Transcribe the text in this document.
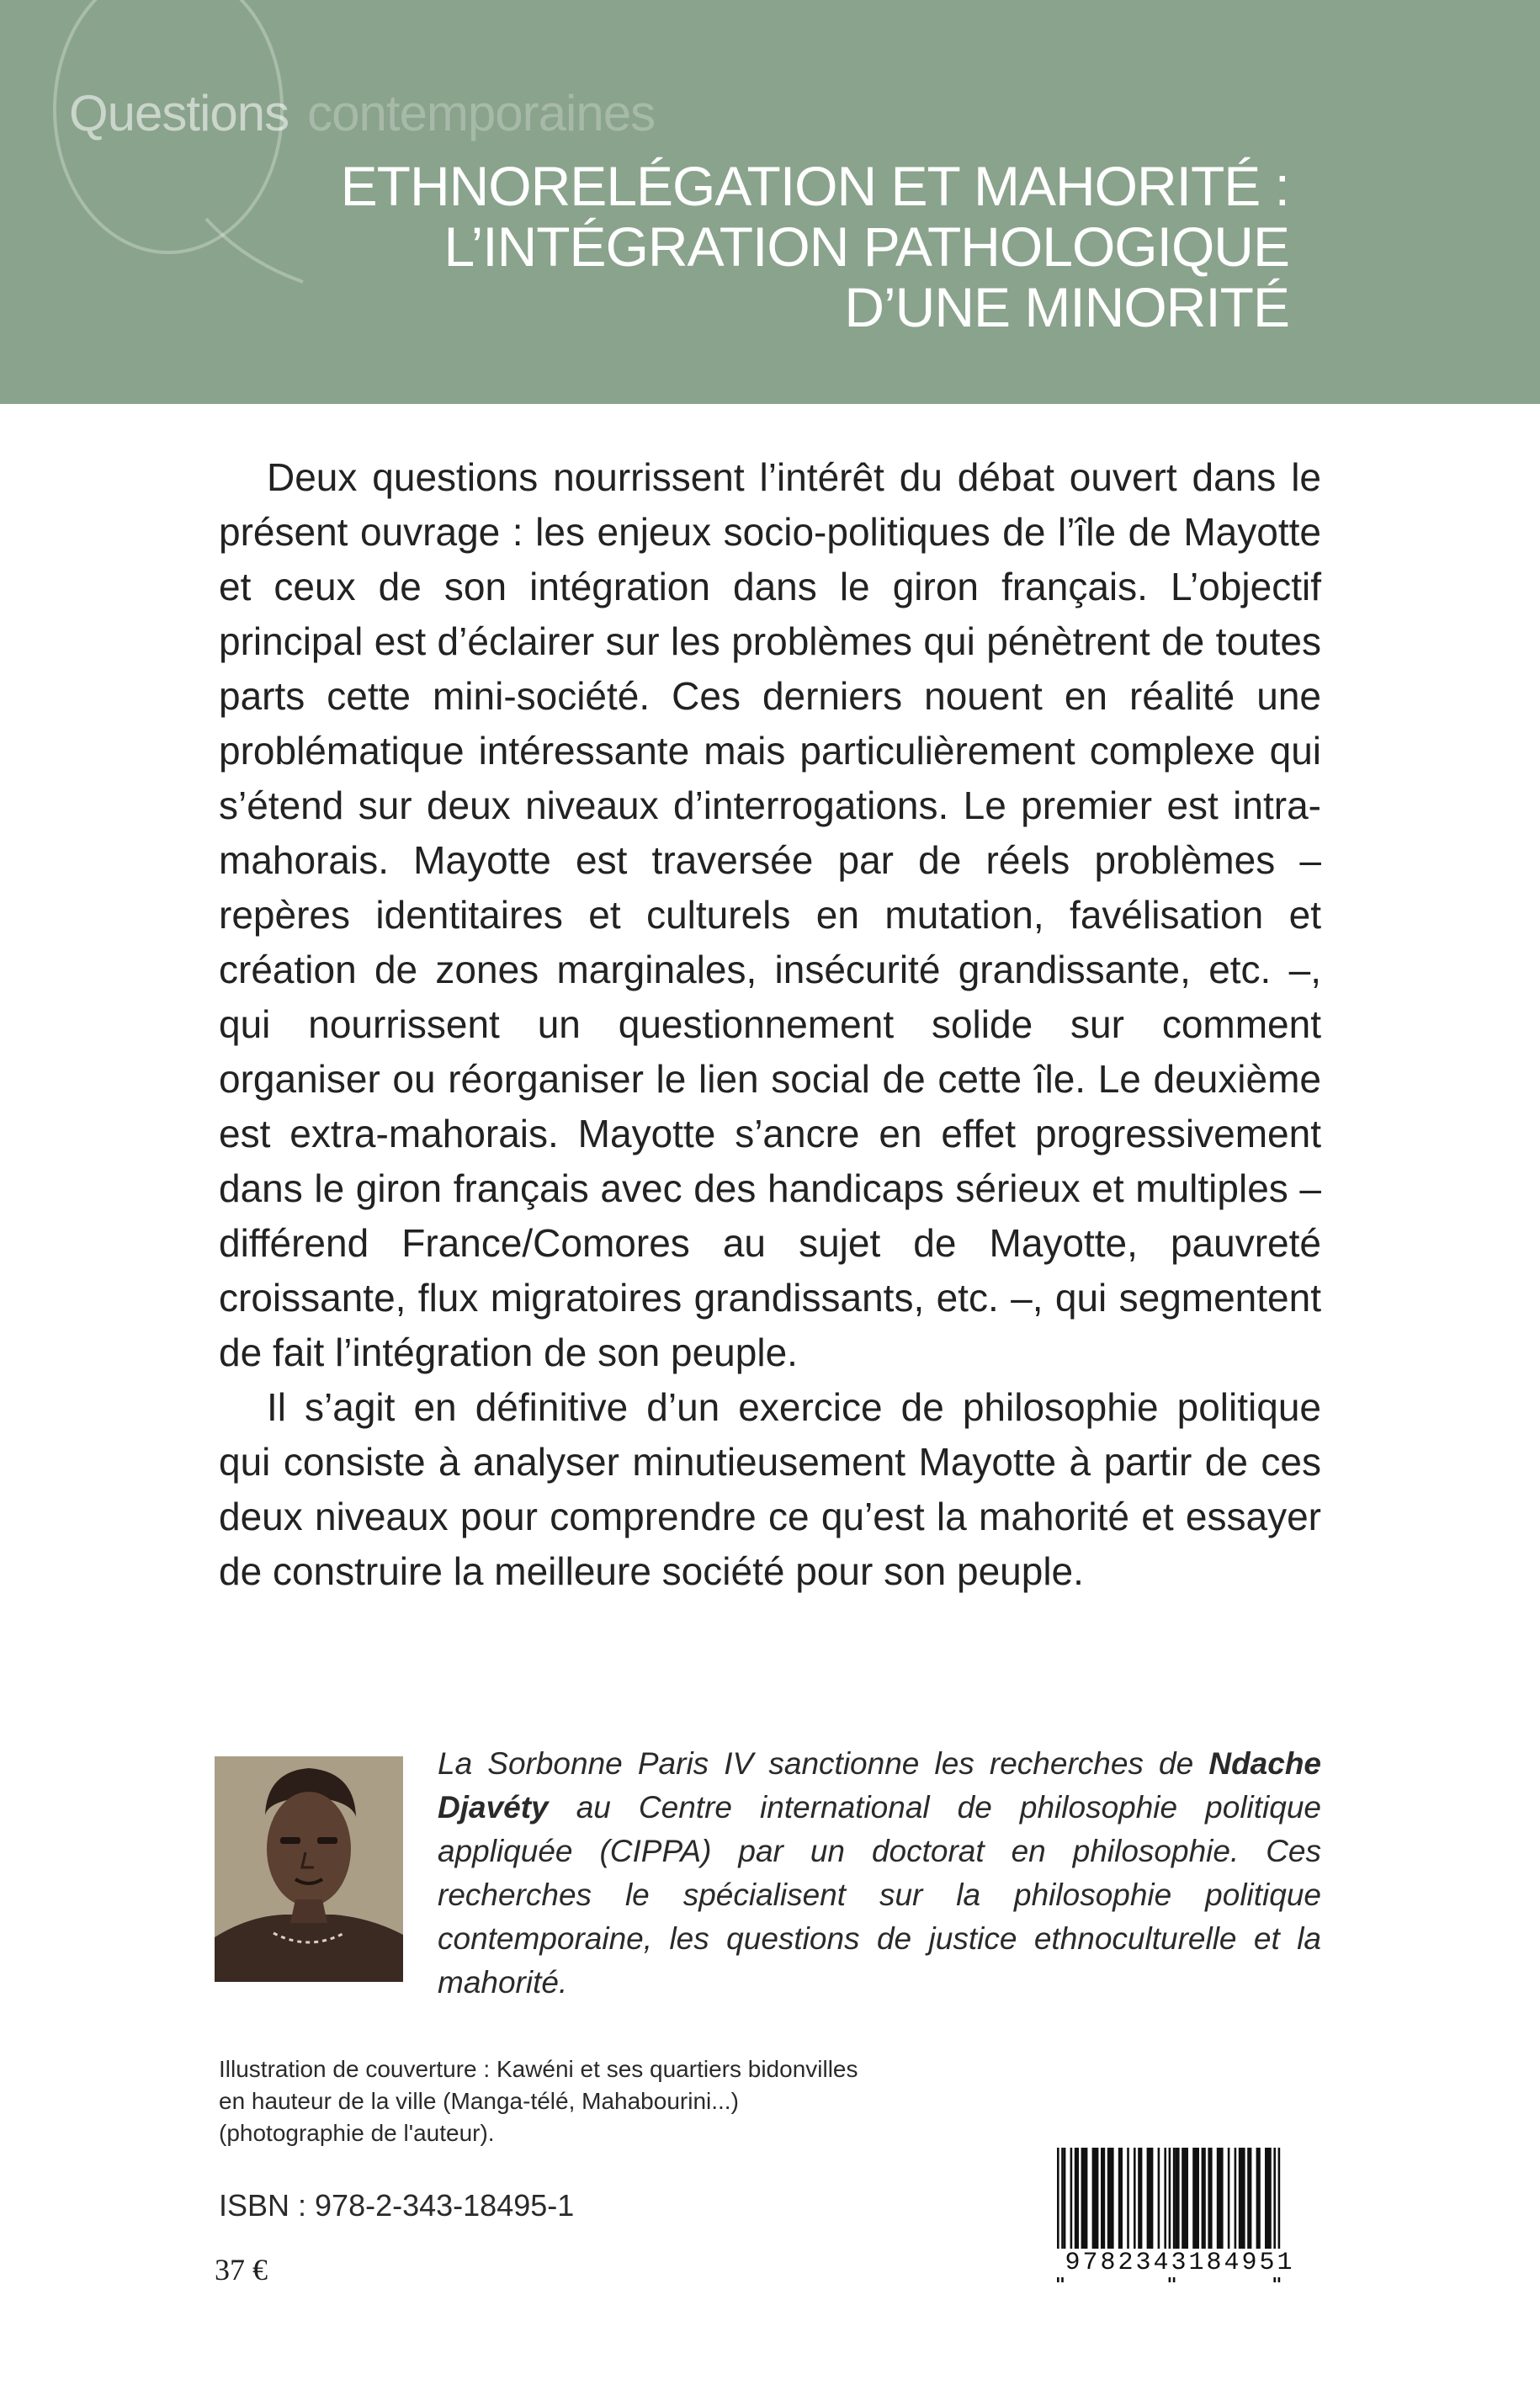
Questions contemporaines
ETHNORELÉGATION ET MAHORITÉ :
L’INTÉGRATION PATHOLOGIQUE
D’UNE MINORITÉ

Deux questions nourrissent l’intérêt du débat ouvert dans le présent ouvrage : les enjeux socio-politiques de l’île de Mayotte et ceux de son intégration dans le giron français. L’objectif principal est d’éclairer sur les problèmes qui pénètrent de toutes parts cette mini-société. Ces derniers nouent en réalité une problématique intéressante mais particulièrement complexe qui s’étend sur deux niveaux d’interrogations. Le premier est intra-mahorais. Mayotte est traversée par de réels problèmes – repères identitaires et culturels en mutation, favélisation et création de zones marginales, insécurité grandissante, etc. –, qui nourrissent un questionnement solide sur comment organiser ou réorganiser le lien social de cette île. Le deuxième est extra-mahorais. Mayotte s’ancre en effet progressivement dans le giron français avec des handicaps sérieux et multiples – différend France/Comores au sujet de Mayotte, pauvreté croissante, flux migratoires grandissants, etc. –, qui segmentent de fait l’intégration de son peuple.

Il s’agit en définitive d’un exercice de philosophie politique qui consiste à analyser minutieusement Mayotte à partir de ces deux niveaux pour comprendre ce qu’est la mahorité et essayer de construire la meilleure société pour son peuple.

La Sorbonne Paris IV sanctionne les recherches de Ndache Djavéty au Centre international de philosophie politique appliquée (CIPPA) par un doctorat en philosophie. Ces recherches le spécialisent sur la philosophie politique contemporaine, les questions de justice ethnoculturelle et la mahorité.

Illustration de couverture : Kawéni et ses quartiers bidonvilles
en hauteur de la ville (Manga-télé, Mahabourini...)
(photographie de l'auteur).

ISBN : 978-2-343-18495-1
37 €	9782343184951
